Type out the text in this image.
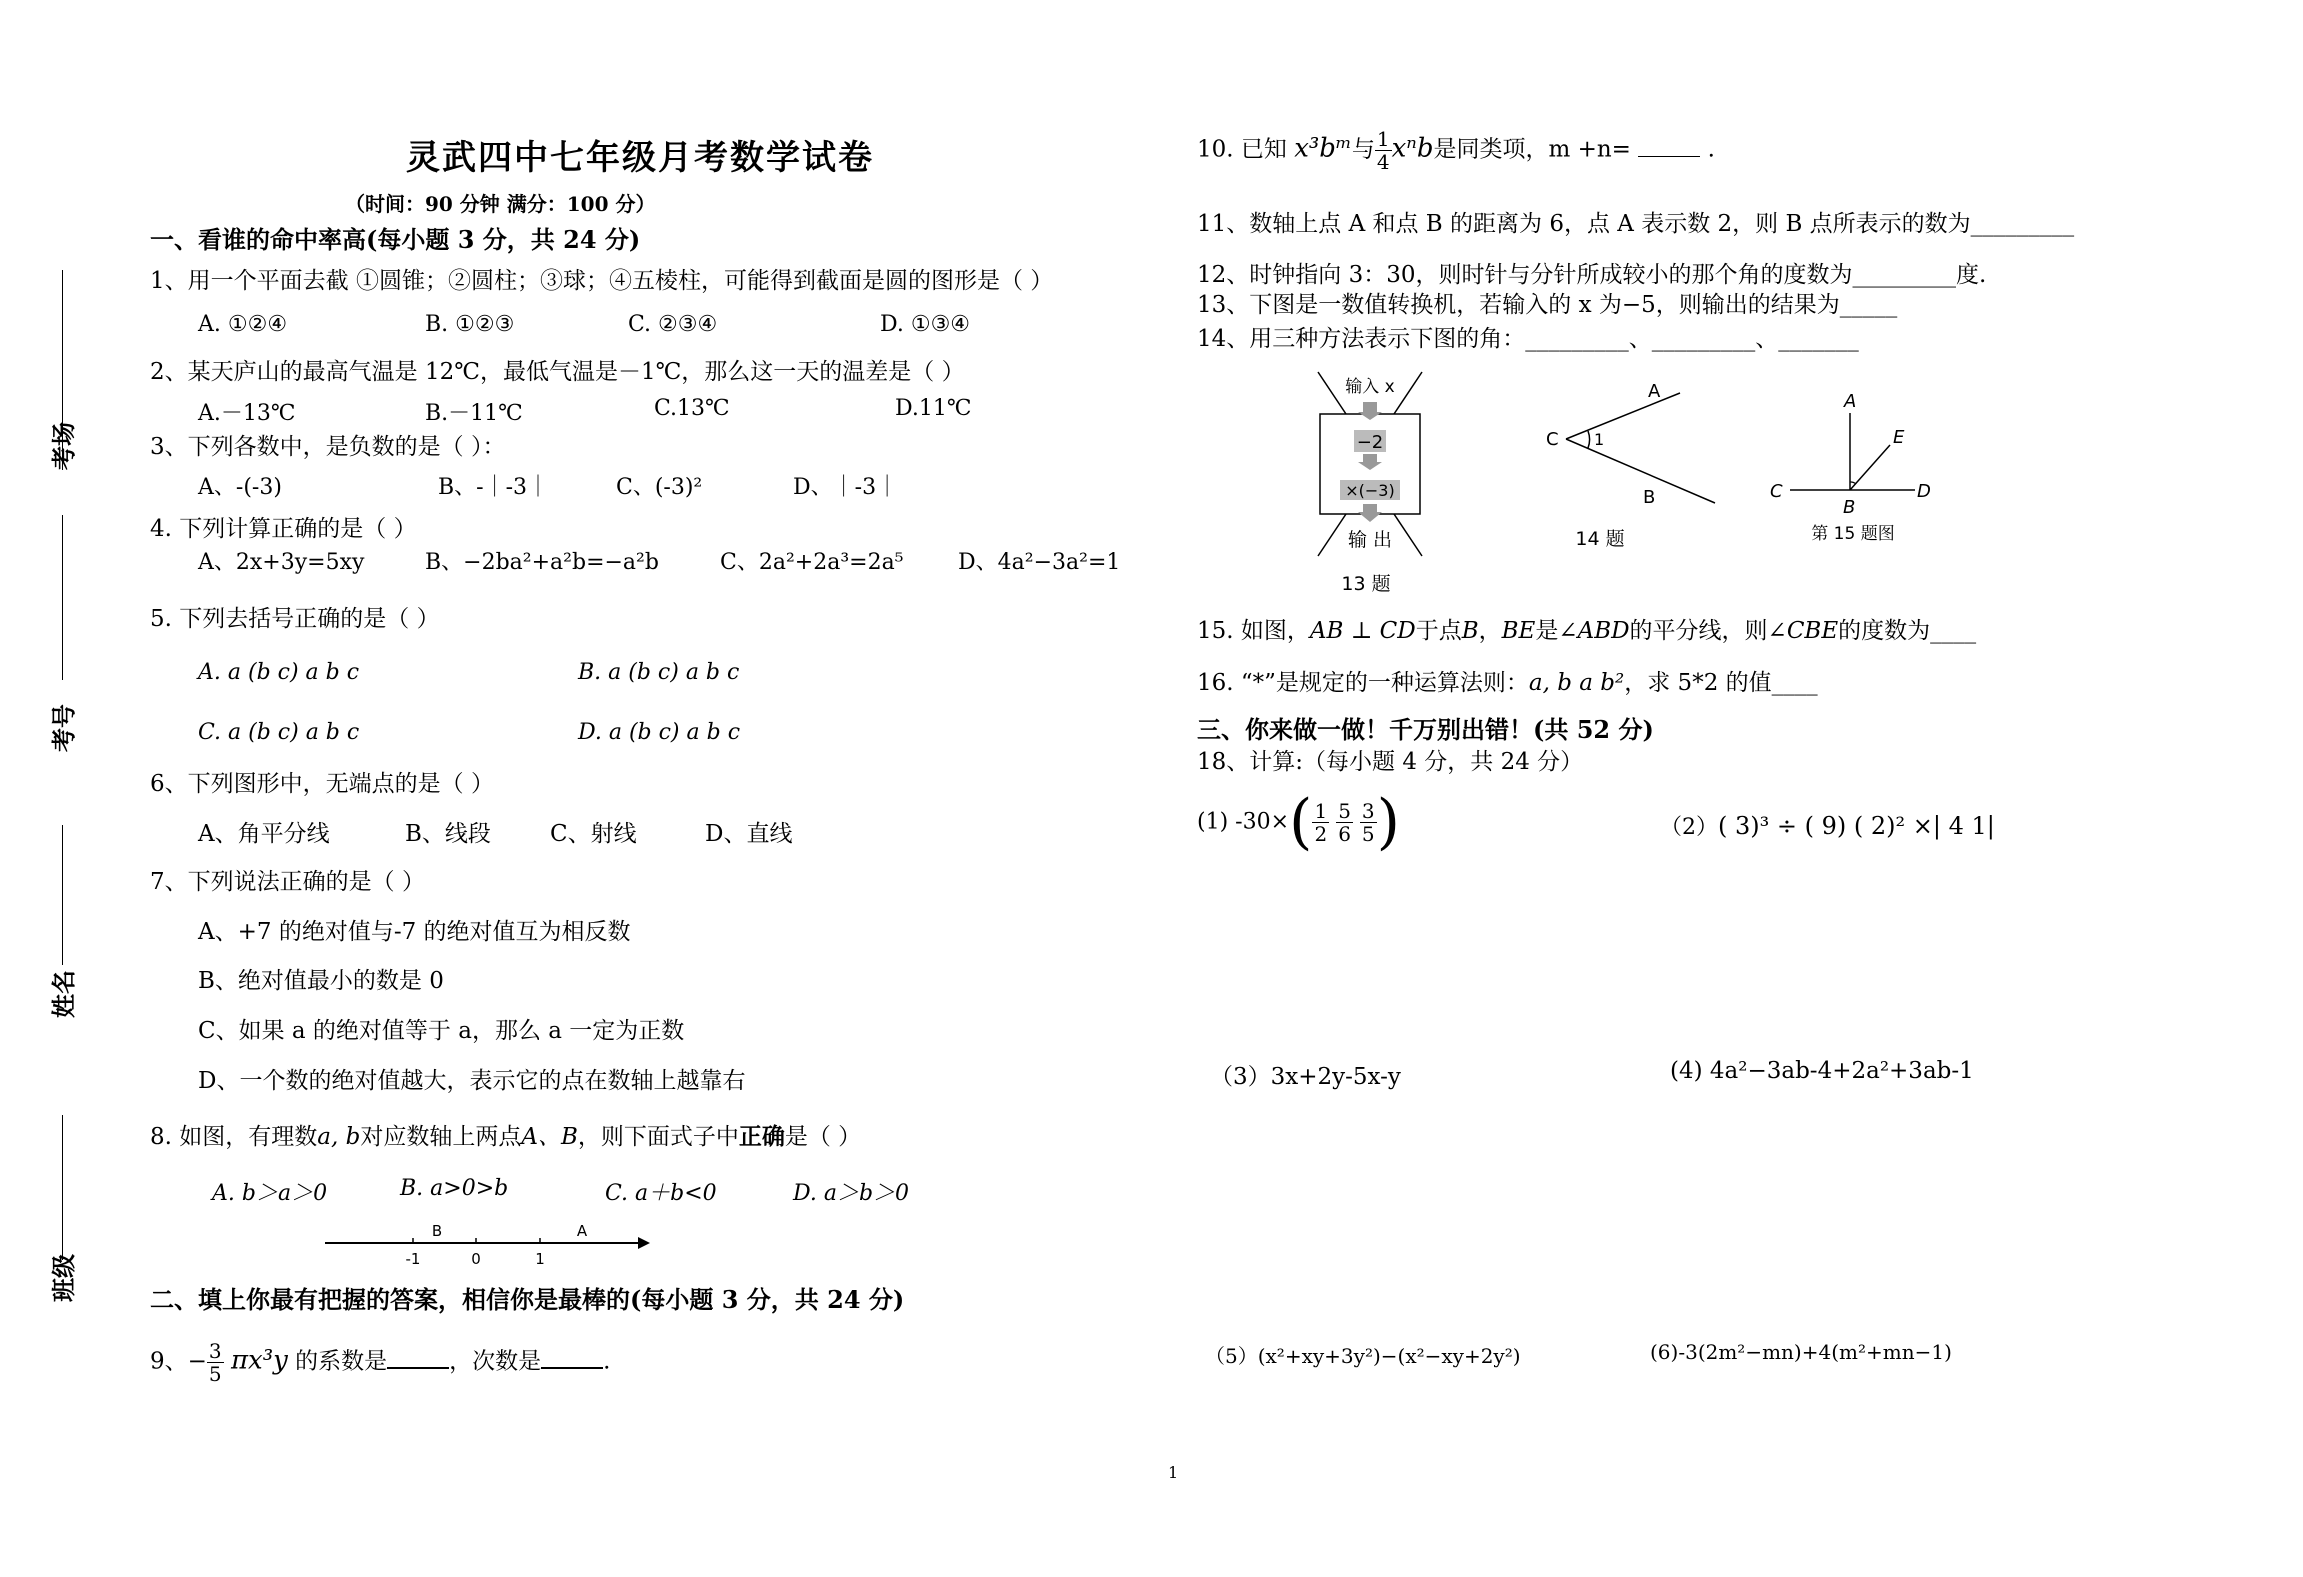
考场
考号
姓名
班级
灵武四中七年级月考数学试卷
（时间：90 分钟 满分：100 分）
一、看谁的命中率高(每小题 3 分，共 24 分)
1、用一个平面去截 ①圆锥；②圆柱；③球；④五棱柱，可能得到截面是圆的图形是（ ）
A. ①②④	B. ①②③	C. ②③④	D. ①③④
2、某天庐山的最高气温是 12℃，最低气温是－1℃，那么这一天的温差是（ ）
A.－13℃	B.－11℃	C.13℃	D.11℃
3、下列各数中，是负数的是（ ）：
A、-(-3)	B、-｜-3｜	C、(-3)²	D、｜-3｜
4. 下列计算正确的是（ ）
A、2x+3y=5xy	B、−2ba²+a²b=−a²b	C、2a²+2a³=2a⁵ D、4a²−3a²=1
5. 下列去括号正确的是（ ）
A. a (b c) a b c	B. a (b c) a b c
C. a (b c) a b c	D. a (b c) a b c
6、下列图形中，无端点的是（ ）
A、角平分线	B、线段	C、射线	D、直线
7、下列说法正确的是（ ）
A、+7 的绝对值与-7 的绝对值互为相反数
B、绝对值最小的数是 0
C、如果 a 的绝对值等于 a，那么 a 一定为正数
D、一个数的绝对值越大，表示它的点在数轴上越靠右
8. 如图，有理数a, b对应数轴上两点A、B，则下面式子中正确是（ ）
A. b＞a＞0	B. a>0>b	C. a＋b<0	D. a＞b＞0
B	A
-1	0	1
二、填上你最有把握的答案，相信你是最棒的(每小题 3 分，共 24 分)
9、− $\frac{3}{5} \pi x^3y$ 的系数是	，次数是	.
10. 已知 x³bᵐ与 $\frac{1}{4}$ xⁿb是同类项，m +n=	.
11、数轴上点 A 和点 B 的距离为 6，点 A 表示数 2，则 B 点所表示的数为_________
12、时钟指向 3：30，则时针与分针所成较小的那个角的度数为_________度.
13、下图是一数值转换机，若输入的 x 为−5，则输出的结果为_____
14、用三种方法表示下图的角：_________、_________、_______
输入 x
−2
×(−3)
输 出
13 题
A
C 1
B
14 题
A
E
C	D
B
第 15 题图
15. 如图，AB ⊥ CD于点B，BE是∠ABD的平分线，则∠CBE的度数为____
16. “*”是规定的一种运算法则：a, b a b²，求 5*2 的值____
三、你来做一做！千万别出错！(共 52 分)
18、计算:（每小题 4 分，共 24 分）
(1) $-30\times( \frac{1}{2}$
$\frac{5}{6}$
$\frac{3}{5}$ )	（2）( 3)³ ÷ ( 9) ( 2)² ×| 4 1|
（3）3x+2y-5x-y	(4) 4a²−3ab-4+2a²+3ab-1
（5）(x²+xy+3y²)−(x²−xy+2y²)	(6)-3(2m²−mn)+4(m²+mn−1)
1
